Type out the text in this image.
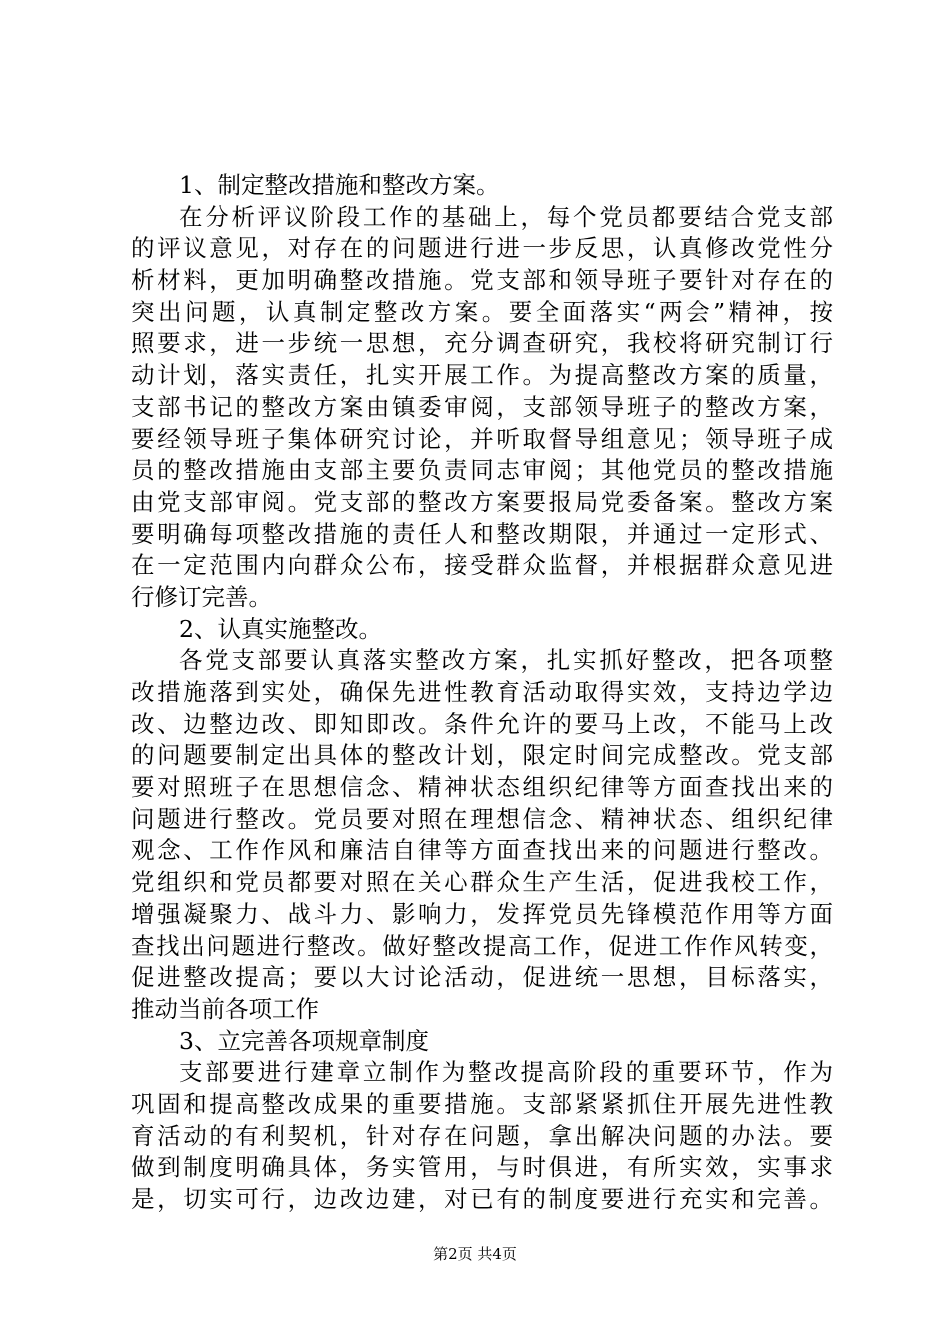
1、制定整改措施和整改方案。
在分析评议阶段工作的基础上，每个党员都要结合党支部
的评议意见，对存在的问题进行进一步反思，认真修改党性分
析材料，更加明确整改措施。党支部和领导班子要针对存在的
突出问题，认真制定整改方案。要全面落实“两会”精神，按
照要求，进一步统一思想，充分调查研究，我校将研究制订行
动计划，落实责任，扎实开展工作。为提高整改方案的质量，
支部书记的整改方案由镇委审阅，支部领导班子的整改方案，
要经领导班子集体研究讨论，并听取督导组意见；领导班子成
员的整改措施由支部主要负责同志审阅；其他党员的整改措施
由党支部审阅。党支部的整改方案要报局党委备案。整改方案
要明确每项整改措施的责任人和整改期限，并通过一定形式、
在一定范围内向群众公布，接受群众监督，并根据群众意见进
行修订完善。
2、认真实施整改。
各党支部要认真落实整改方案，扎实抓好整改，把各项整
改措施落到实处，确保先进性教育活动取得实效，支持边学边
改、边整边改、即知即改。条件允许的要马上改，不能马上改
的问题要制定出具体的整改计划，限定时间完成整改。党支部
要对照班子在思想信念、精神状态组织纪律等方面查找出来的
问题进行整改。党员要对照在理想信念、精神状态、组织纪律
观念、工作作风和廉洁自律等方面查找出来的问题进行整改。
党组织和党员都要对照在关心群众生产生活，促进我校工作，
增强凝聚力、战斗力、影响力，发挥党员先锋模范作用等方面
查找出问题进行整改。做好整改提高工作，促进工作作风转变，
促进整改提高；要以大讨论活动，促进统一思想，目标落实，
推动当前各项工作
3、立完善各项规章制度
支部要进行建章立制作为整改提高阶段的重要环节，作为
巩固和提高整改成果的重要措施。支部紧紧抓住开展先进性教
育活动的有利契机，针对存在问题，拿出解决问题的办法。要
做到制度明确具体，务实管用，与时俱进，有所实效，实事求
是，切实可行，边改边建，对已有的制度要进行充实和完善。
第2页 共4页
